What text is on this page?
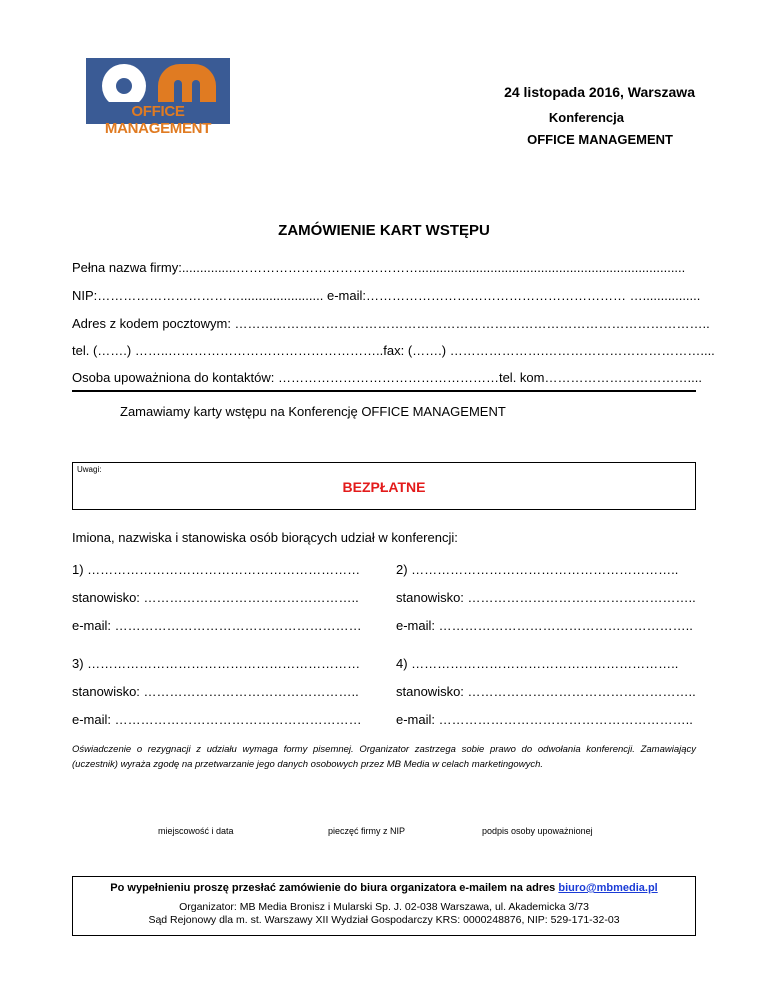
OFFICE MANAGEMENT
24 listopada 2016, Warszawa
Konferencja
OFFICE MANAGEMENT
ZAMÓWIENIE KART WSTĘPU
Pełna nazwa firmy:...............……………………………………..........................................................................
NIP:……………………………....................... e-mail:…………………………………………………… …................
Adres z kodem pocztowym: ………………………………………………………………………………………………..
tel. (…….) ……..…………………………………………..fax: (…….) ………………….………………………………....
Osoba upoważniona do kontaktów: ……………………………………………tel. kom……………………………....
Zamawiamy karty wstępu na Konferencję OFFICE MANAGEMENT
Uwagi:
BEZPŁATNE
Imiona, nazwiska i stanowiska osób biorących udział w konferencji:
1) ………………………………………………………	2) ……………………………………………………..
stanowisko: …………………………………………..	stanowisko: ……………………………………………..
e-mail: …………………………………………………	e-mail: …………………………………………………..
3) ………………………………………………………	4) ……………………………………………………..
stanowisko: …………………………………………..	stanowisko: ……………………………………………..
e-mail: …………………………………………………	e-mail: …………………………………………………..
Oświadczenie o rezygnacji z udziału wymaga formy pisemnej. Organizator zastrzega sobie prawo do odwołania konferencji. Zamawiający (uczestnik) wyraża zgodę na przetwarzanie jego danych osobowych przez MB Media w celach marketingowych.
miejscowość i data	pieczęć firmy z NIP	podpis osoby upoważnionej
Po wypełnieniu proszę przesłać zamówienie do biura organizatora e-mailem na adres biuro@mbmedia.pl
Organizator: MB Media Bronisz i Mularski Sp. J. 02-038 Warszawa, ul. Akademicka 3/73
Sąd Rejonowy dla m. st. Warszawy XII Wydział Gospodarczy KRS: 0000248876, NIP: 529-171-32-03
